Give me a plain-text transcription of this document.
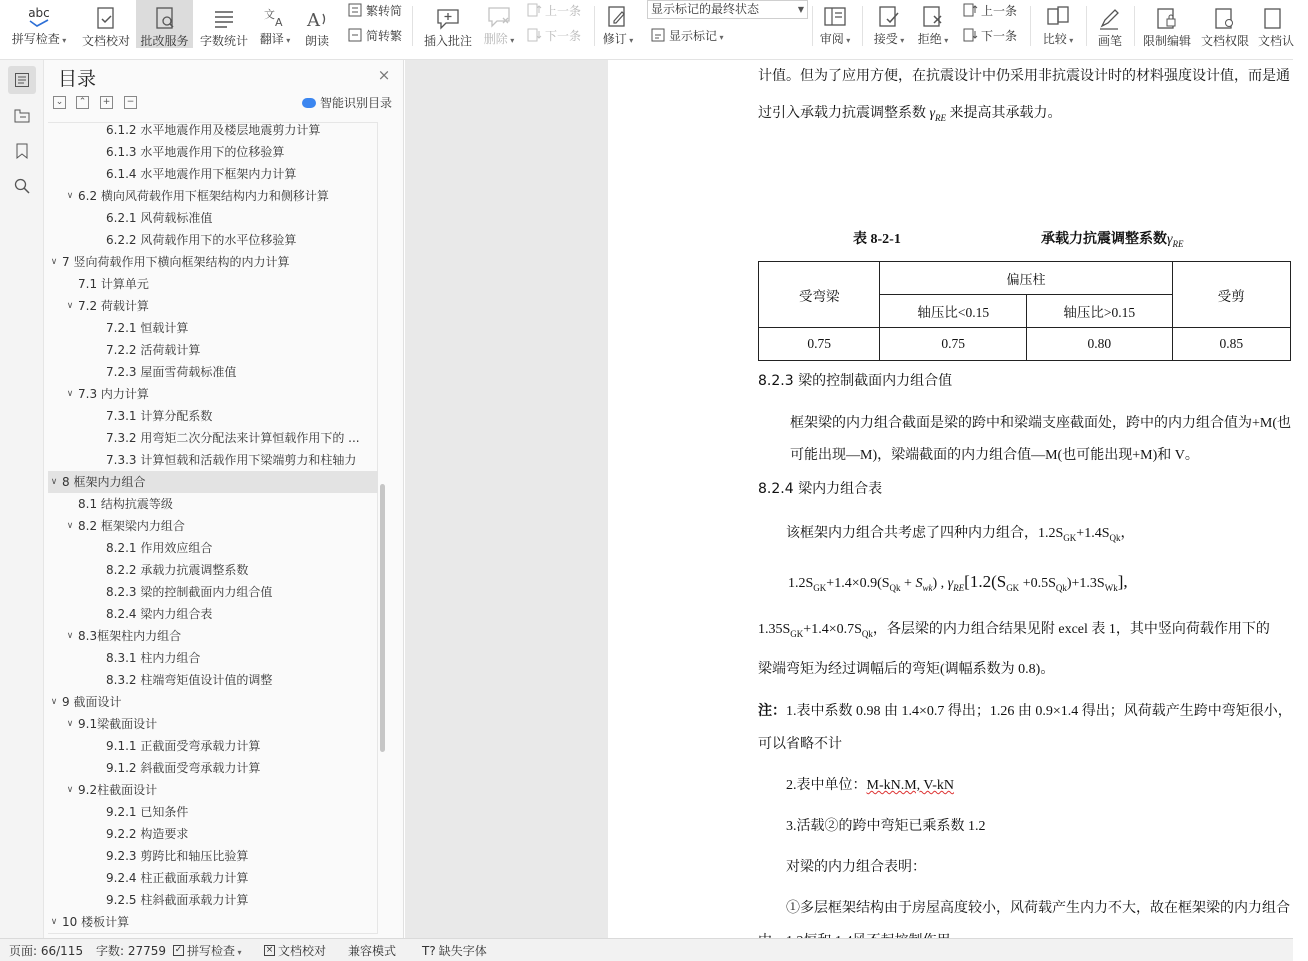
abc
拼写检查 ▾	文档校对 批改服务 字数统计
文
A
翻译 ▾
A
朗读
繁转简
简转繁 插入批注 删除 ▾
上一条
下一条 修订 ▾
显示标记的最终状态	▼
显示标记 ▾	审阅 ▾	接受 ▾	拒绝 ▾
上一条
下一条 比较 ▾	画笔 限制编辑 文档权限 文档认
目录	×
⌄	⌃	+	−	智能识别目录
6.1.2 水平地震作用及楼层地震剪力计算
6.1.3 水平地震作用下的位移验算
6.1.4 水平地震作用下框架内力计算
∨ 6.2 横向风荷载作用下框架结构内力和侧移计算
6.2.1 风荷载标准值
6.2.2 风荷载作用下的水平位移验算
∨ 7 竖向荷载作用下横向框架结构的内力计算
7.1 计算单元
∨ 7.2 荷载计算
7.2.1 恒载计算
7.2.2 活荷载计算
7.2.3 屋面雪荷载标准值
∨ 7.3 内力计算
7.3.1 计算分配系数
7.3.2 用弯矩二次分配法来计算恒载作用下的 ...
7.3.3 计算恒载和活载作用下梁端剪力和柱轴力
∨ 8 框架内力组合
8.1 结构抗震等级
∨ 8.2 框架梁内力组合
8.2.1 作用效应组合
8.2.2 承载力抗震调整系数
8.2.3 梁的控制截面内力组合值
8.2.4 梁内力组合表
∨ 8.3框架柱内力组合
8.3.1 柱内力组合
8.3.2 柱端弯矩值设计值的调整
∨ 9 截面设计
∨ 9.1梁截面设计
9.1.1 正截面受弯承载力计算
9.1.2 斜截面受弯承载力计算
∨ 9.2柱截面设计
9.2.1 已知条件
9.2.2 构造要求
9.2.3 剪跨比和轴压比验算
9.2.4 柱正截面承载力计算
9.2.5 柱斜截面承载力计算
∨ 10 楼板计算
计值。但为了应用方便，在抗震设计中仍采用非抗震设计时的材料强度设计值，而是通
过引入承载力抗震调整系数 $\gamma_{RE}$ 来提高其承载力。
表 8-2-1	承载力抗震调整系数$\gamma_{RE}$
受弯梁	偏压柱		受剪
	轴压比<0.15	轴压比>0.15	
0.75	0.75	0.80	0.85
8.2.3 梁的控制截面内力组合值
框架梁的内力组合截面是梁的跨中和梁端支座截面处，跨中的内力组合值为+M(也
可能出现—M)，梁端截面的内力组合值—M(也可能出现+M)和 V。
8.2.4 梁内力组合表
该框架内力组合共考虑了四种内力组合，$1.2S_{GK}+1.4S_{Qk}$，
$1.2S_{GK}+1.4\times 0.9(S_{Qk} + S_{wk})$ , $\gamma_{RE}[1.2(S_{GK} +0.5S_{Qk})+1.3S_{Wk}]$,
$1.35S_{GK}+1.4\times 0.7S_{Qk}$，各层梁的内力组合结果见附 excel 表 1，其中竖向荷载作用下的
梁端弯矩为经过调幅后的弯矩(调幅系数为 0.8)。
注：1.表中系数 0.98 由 1.4×0.7 得出；1.26 由 0.9×1.4 得出；风荷载产生跨中弯矩很小，
可以省略不计
2.表中单位：M-kN.M, V-kN
3.活载②的跨中弯矩已乘系数 1.2
对梁的内力组合表明：
①多层框架结构由于房屋高度较小，风荷载产生内力不大，故在框架梁的内力组合
页面: 66/115 字数: 27759 ✓ 拼写检查 ▾	× 文档校对 兼容模式 T? 缺失字体
